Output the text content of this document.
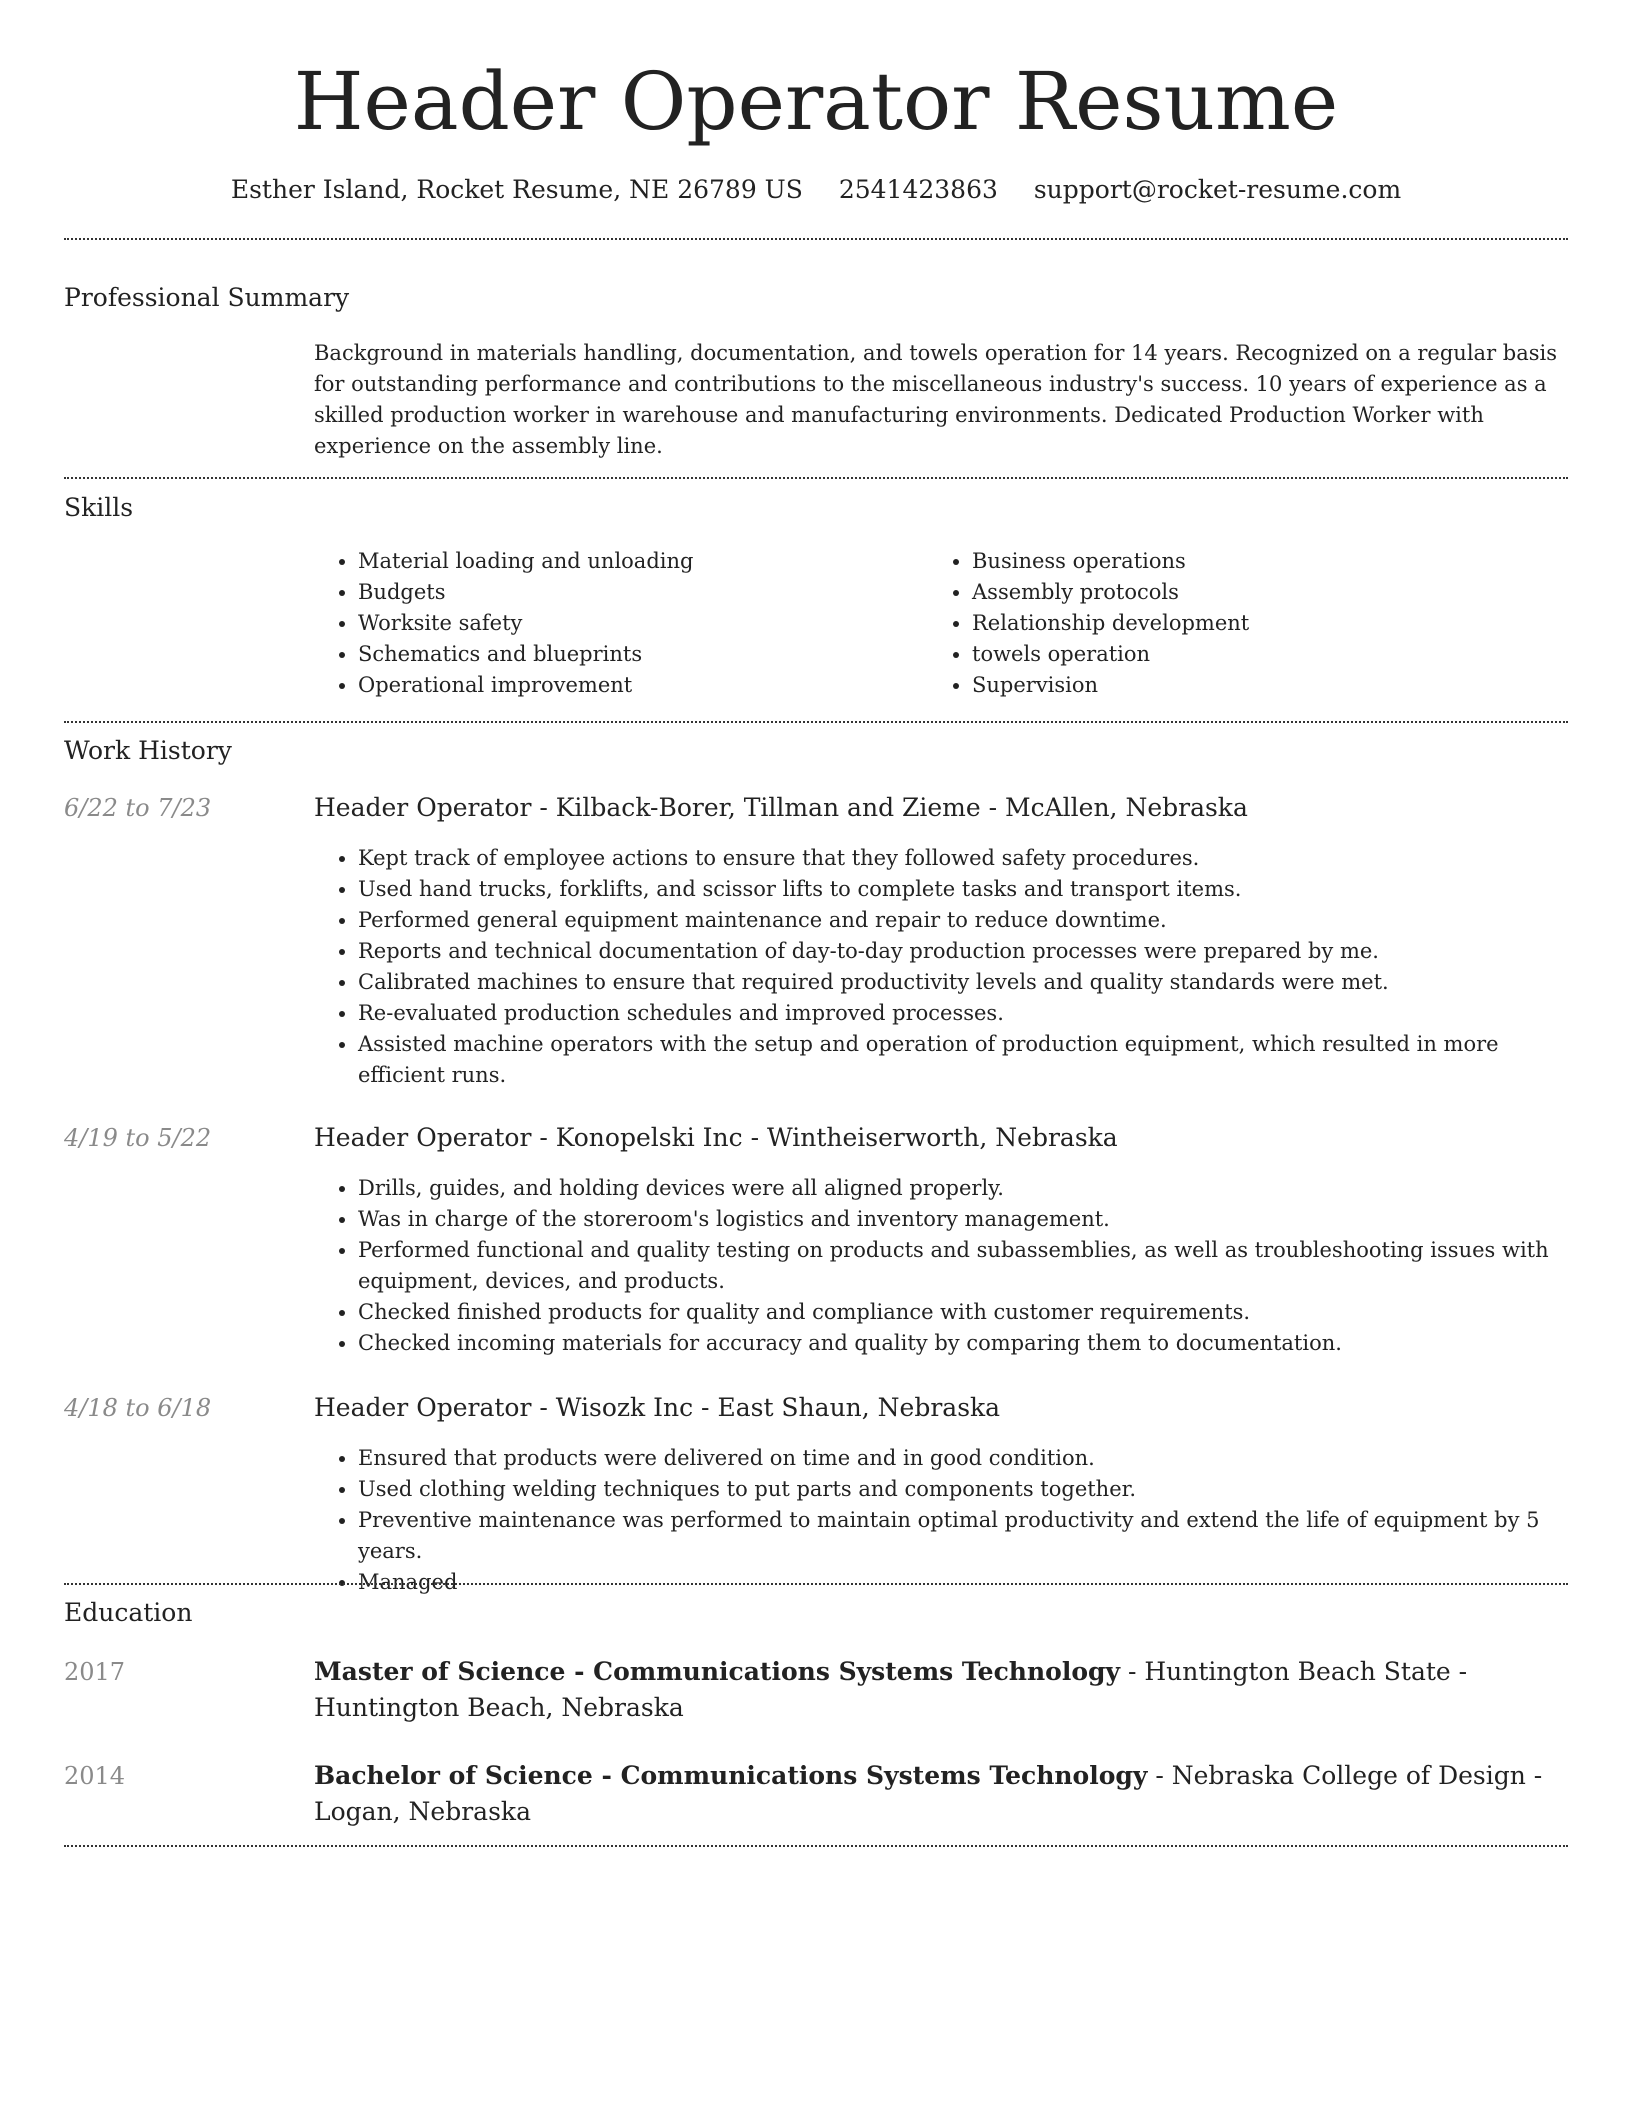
Header Operator Resume
Esther Island, Rocket Resume, NE 26789 US 2541423863 support@rocket-resume.com
Professional Summary
Background in materials handling, documentation, and towels operation for 14 years. Recognized on a regular basis for outstanding performance and contributions to the miscellaneous industry's success. 10 years of experience as a skilled production worker in warehouse and manufacturing environments. Dedicated Production Worker with experience on the assembly line.
Skills
• Material loading and unloading
• Budgets
• Worksite safety
• Schematics and blueprints
• Operational improvement
• Business operations
• Assembly protocols
• Relationship development
• towels operation
• Supervision
Work History
6/22 to 7/23	Header Operator - Kilback-Borer, Tillman and Zieme - McAllen, Nebraska
• Kept track of employee actions to ensure that they followed safety procedures.
• Used hand trucks, forklifts, and scissor lifts to complete tasks and transport items.
• Performed general equipment maintenance and repair to reduce downtime.
• Reports and technical documentation of day-to-day production processes were prepared by me.
• Calibrated machines to ensure that required productivity levels and quality standards were met.
• Re-evaluated production schedules and improved processes.
• Assisted machine operators with the setup and operation of production equipment, which resulted in more efficient runs.
4/19 to 5/22	Header Operator - Konopelski Inc - Wintheiserworth, Nebraska
• Drills, guides, and holding devices were all aligned properly.
• Was in charge of the storeroom's logistics and inventory management.
• Performed functional and quality testing on products and subassemblies, as well as troubleshooting issues with equipment, devices, and products.
• Checked finished products for quality and compliance with customer requirements.
• Checked incoming materials for accuracy and quality by comparing them to documentation.
4/18 to 6/18	Header Operator - Wisozk Inc - East Shaun, Nebraska
• Ensured that products were delivered on time and in good condition.
• Used clothing welding techniques to put parts and components together.
• Preventive maintenance was performed to maintain optimal productivity and extend the life of equipment by 5 years.
• Managed
Education
2017	Master of Science - Communications Systems Technology - Huntington Beach State - Huntington Beach, Nebraska
2014	Bachelor of Science - Communications Systems Technology - Nebraska College of Design - Logan, Nebraska
